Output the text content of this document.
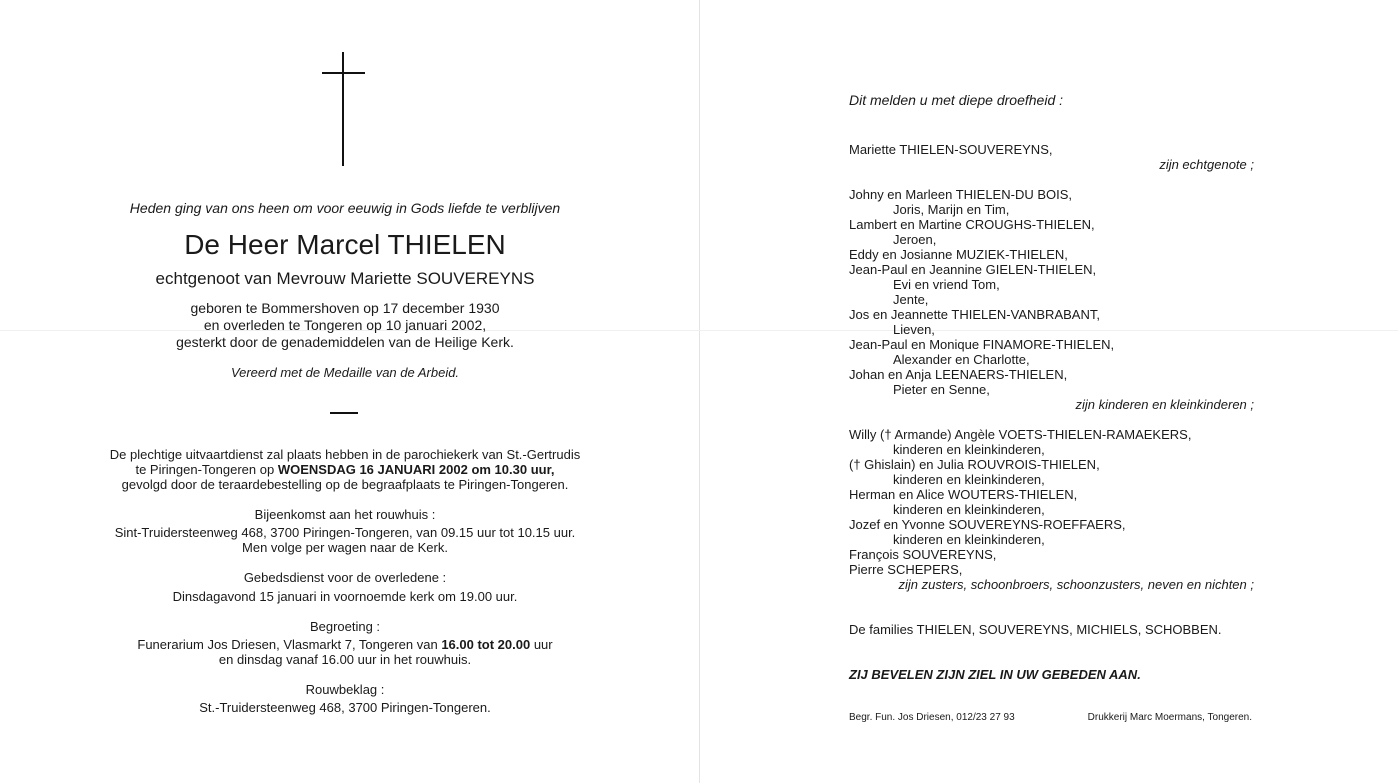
Heden ging van ons heen om voor eeuwig in Gods liefde te verblijven
De Heer Marcel THIELEN
echtgenoot van Mevrouw Mariette SOUVEREYNS
geboren te Bommershoven op 17 december 1930
en overleden te Tongeren op 10 januari 2002,
gesterkt door de genademiddelen van de Heilige Kerk.
Vereerd met de Medaille van de Arbeid.
De plechtige uitvaartdienst zal plaats hebben in de parochiekerk van St.-Gertrudis
te Piringen-Tongeren op WOENSDAG 16 JANUARI 2002 om 10.30 uur,
gevolgd door de teraardebestelling op de begraafplaats te Piringen-Tongeren.
Bijeenkomst aan het rouwhuis :
Sint-Truidersteenweg 468, 3700 Piringen-Tongeren, van 09.15 uur tot 10.15 uur.
Men volge per wagen naar de Kerk.
Gebedsdienst voor de overledene :
Dinsdagavond 15 januari in voornoemde kerk om 19.00 uur.
Begroeting :
Funerarium Jos Driesen, Vlasmarkt 7, Tongeren van 16.00 tot 20.00 uur
en dinsdag vanaf 16.00 uur in het rouwhuis.
Rouwbeklag :
St.-Truidersteenweg 468, 3700 Piringen-Tongeren.
Dit melden u met diepe droefheid :
Mariette THIELEN-SOUVEREYNS,
zijn echtgenote ;
Johny en Marleen THIELEN-DU BOIS,
Joris, Marijn en Tim,
Lambert en Martine CROUGHS-THIELEN,
Jeroen,
Eddy en Josianne MUZIEK-THIELEN,
Jean-Paul en Jeannine GIELEN-THIELEN,
Evi en vriend Tom,
Jente,
Jos en Jeannette THIELEN-VANBRABANT,
Lieven,
Jean-Paul en Monique FINAMORE-THIELEN,
Alexander en Charlotte,
Johan en Anja LEENAERS-THIELEN,
Pieter en Senne,
zijn kinderen en kleinkinderen ;
Willy († Armande) Angèle VOETS-THIELEN-RAMAEKERS,
kinderen en kleinkinderen,
(† Ghislain) en Julia ROUVROIS-THIELEN,
kinderen en kleinkinderen,
Herman en Alice WOUTERS-THIELEN,
kinderen en kleinkinderen,
Jozef en Yvonne SOUVEREYNS-ROEFFAERS,
kinderen en kleinkinderen,
François SOUVEREYNS,
Pierre SCHEPERS,
zijn zusters, schoonbroers, schoonzusters, neven en nichten ;
De families THIELEN, SOUVEREYNS, MICHIELS, SCHOBBEN.
ZIJ BEVELEN ZIJN ZIEL IN UW GEBEDEN AAN.
Begr. Fun. Jos Driesen, 012/23 27 93	Drukkerij Marc Moermans, Tongeren.
